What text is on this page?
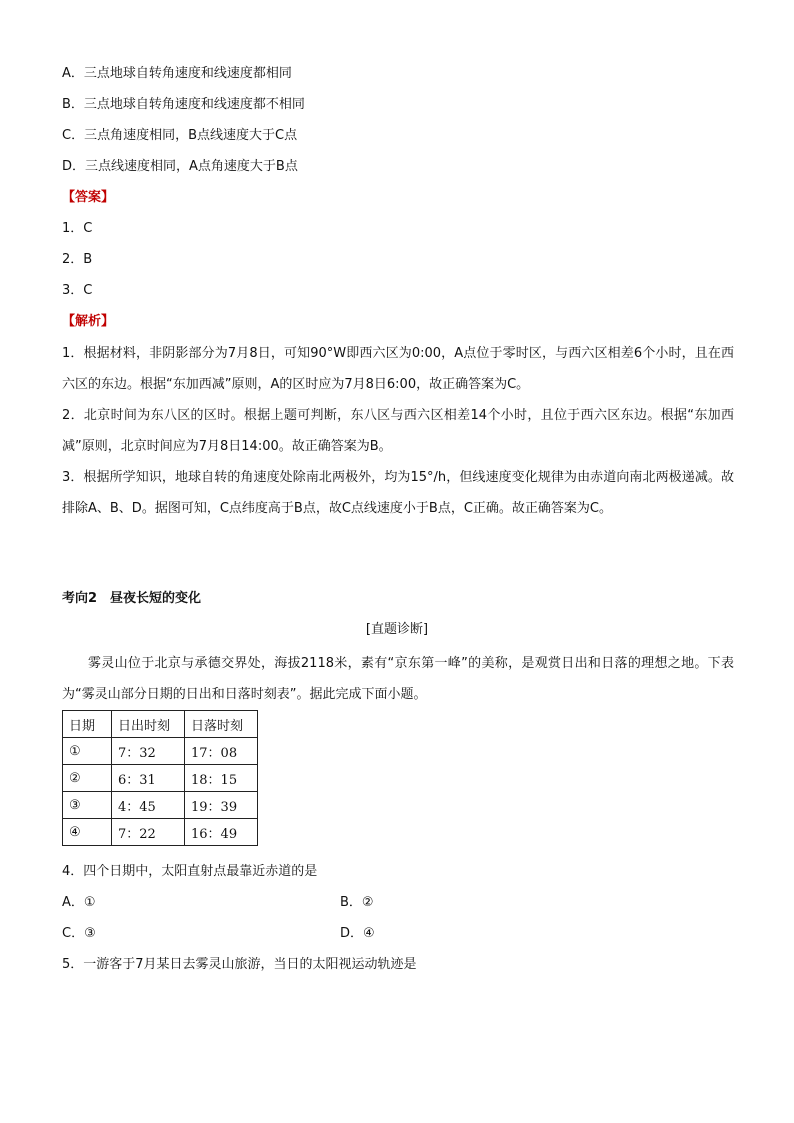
A．三点地球自转角速度和线速度都相同
B．三点地球自转角速度和线速度都不相同
C．三点角速度相同，B点线速度大于C点
D．三点线速度相同，A点角速度大于B点
【答案】
1．C
2．B
3．C
【解析】
1．根据材料，非阴影部分为7月8日，可知90°W即西六区为0:00，A点位于零时区，与西六区相差6个小时，且在西六区的东边。根据“东加西减”原则，A的区时应为7月8日6:00，故正确答案为C。
2．北京时间为东八区的区时。根据上题可判断，东八区与西六区相差14个小时，且位于西六区东边。根据“东加西减”原则，北京时间应为7月8日14:00。故正确答案为B。
3．根据所学知识，地球自转的角速度处除南北两极外，均为15°/h，但线速度变化规律为由赤道向南北两极递减。故排除A、B、D。据图可知，C点纬度高于B点，故C点线速度小于B点，C正确。故正确答案为C。
考向2　昼夜长短的变化
[直题诊断]
雾灵山位于北京与承德交界处，海拔2118米，素有“京东第一峰”的美称，是观赏日出和日落的理想之地。下表为“雾灵山部分日期的日出和日落时刻表”。据此完成下面小题。
日期	日出时刻	日落时刻
①	7：32	17：08
②	6：31	18：15
③	4：45	19：39
④	7：22	16：49
4．四个日期中，太阳直射点最靠近赤道的是
A．①	B．②
C．③	D．④
5．一游客于7月某日去雾灵山旅游，当日的太阳视运动轨迹是
